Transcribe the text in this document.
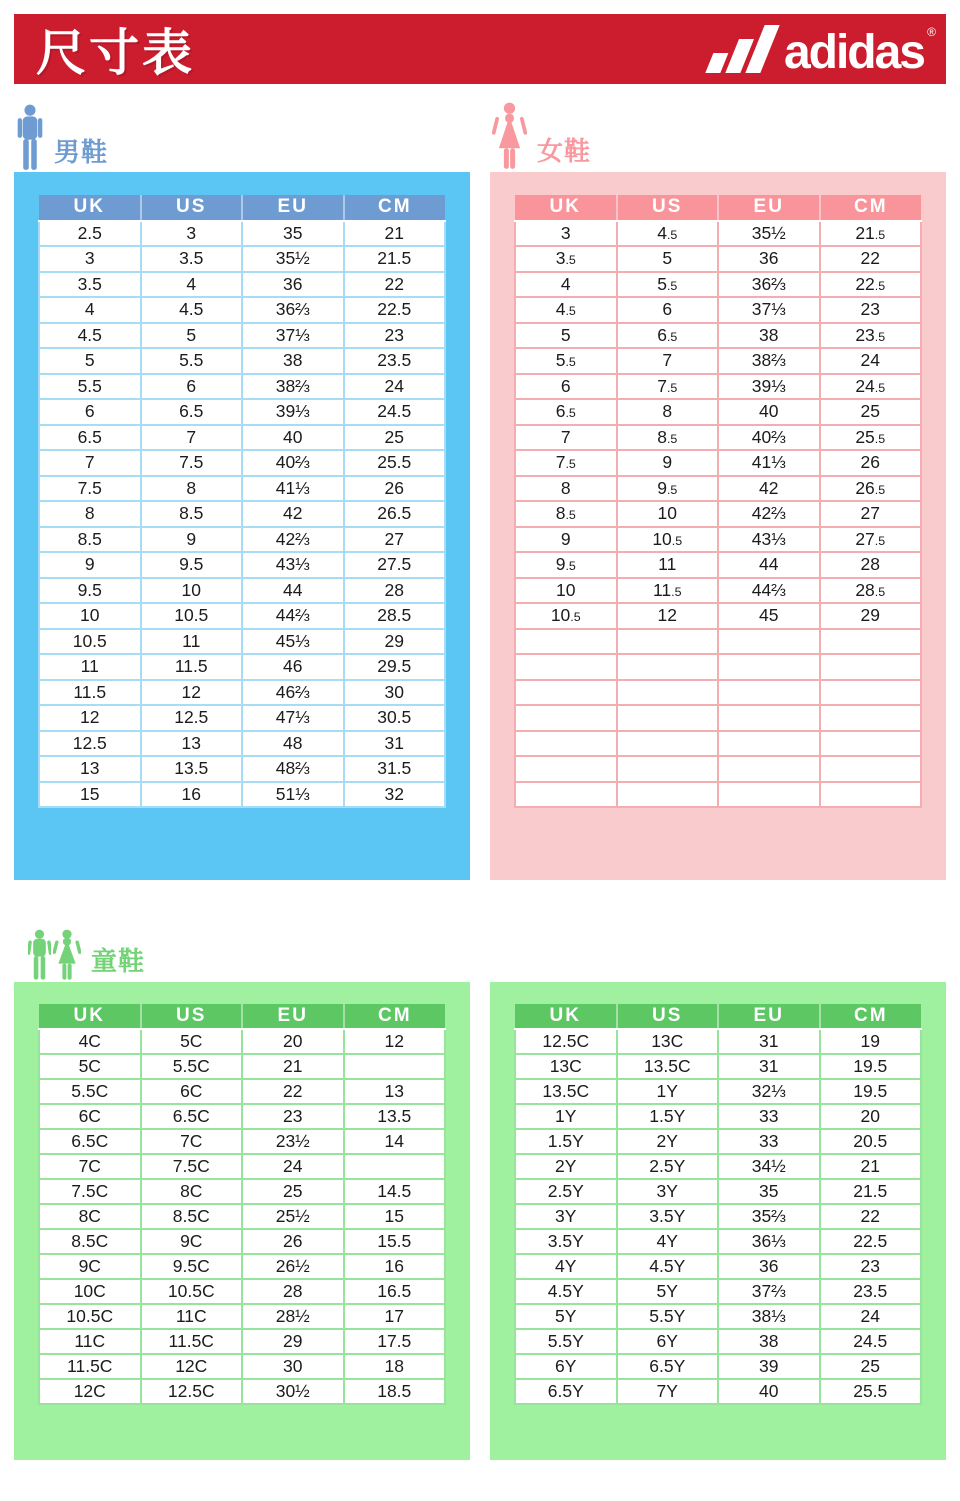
尺寸表	adidas ®
男鞋
UK	US	EU	CM
2.5	3	35	21
3	3.5	35½	21.5
3.5	4	36	22
4	4.5	36⅔	22.5
4.5	5	37⅓	23
5	5.5	38	23.5
5.5	6	38⅔	24
6	6.5	39⅓	24.5
6.5	7	40	25
7	7.5	40⅔	25.5
7.5	8	41⅓	26
8	8.5	42	26.5
8.5	9	42⅔	27
9	9.5	43⅓	27.5
9.5	10	44	28
10	10.5	44⅔	28.5
10.5	11	45⅓	29
11	11.5	46	29.5
11.5	12	46⅔	30
12	12.5	47⅓	30.5
12.5	13	48	31
13	13.5	48⅔	31.5
15	16	51⅓	32
女鞋
UK	US	EU	CM
3	4.5	35½	21.5
3.5	5	36	22
4	5.5	36⅔	22.5
4.5	6	37⅓	23
5	6.5	38	23.5
5.5	7	38⅔	24
6	7.5	39⅓	24.5
6.5	8	40	25
7	8.5	40⅔	25.5
7.5	9	41⅓	26
8	9.5	42	26.5
8.5	10	42⅔	27
9	10.5	43⅓	27.5
9.5	11	44	28
10	11.5	44⅔	28.5
10.5	12	45	29

童鞋
UK	US	EU	CM
4C	5C	20	12
5C	5.5C	21	
5.5C	6C	22	13
6C	6.5C	23	13.5
6.5C	7C	23½	14
7C	7.5C	24	
7.5C	8C	25	14.5
8C	8.5C	25½	15
8.5C	9C	26	15.5
9C	9.5C	26½	16
10C	10.5C	28	16.5
10.5C	11C	28½	17
11C	11.5C	29	17.5
11.5C	12C	30	18
12C	12.5C	30½	18.5
UK	US	EU	CM
12.5C	13C	31	19
13C	13.5C	31	19.5
13.5C	1Y	32⅓	19.5
1Y	1.5Y	33	20
1.5Y	2Y	33	20.5
2Y	2.5Y	34½	21
2.5Y	3Y	35	21.5
3Y	3.5Y	35⅔	22
3.5Y	4Y	36⅓	22.5
4Y	4.5Y	36	23
4.5Y	5Y	37⅔	23.5
5Y	5.5Y	38⅓	24
5.5Y	6Y	38	24.5
6Y	6.5Y	39	25
6.5Y	7Y	40	25.5
